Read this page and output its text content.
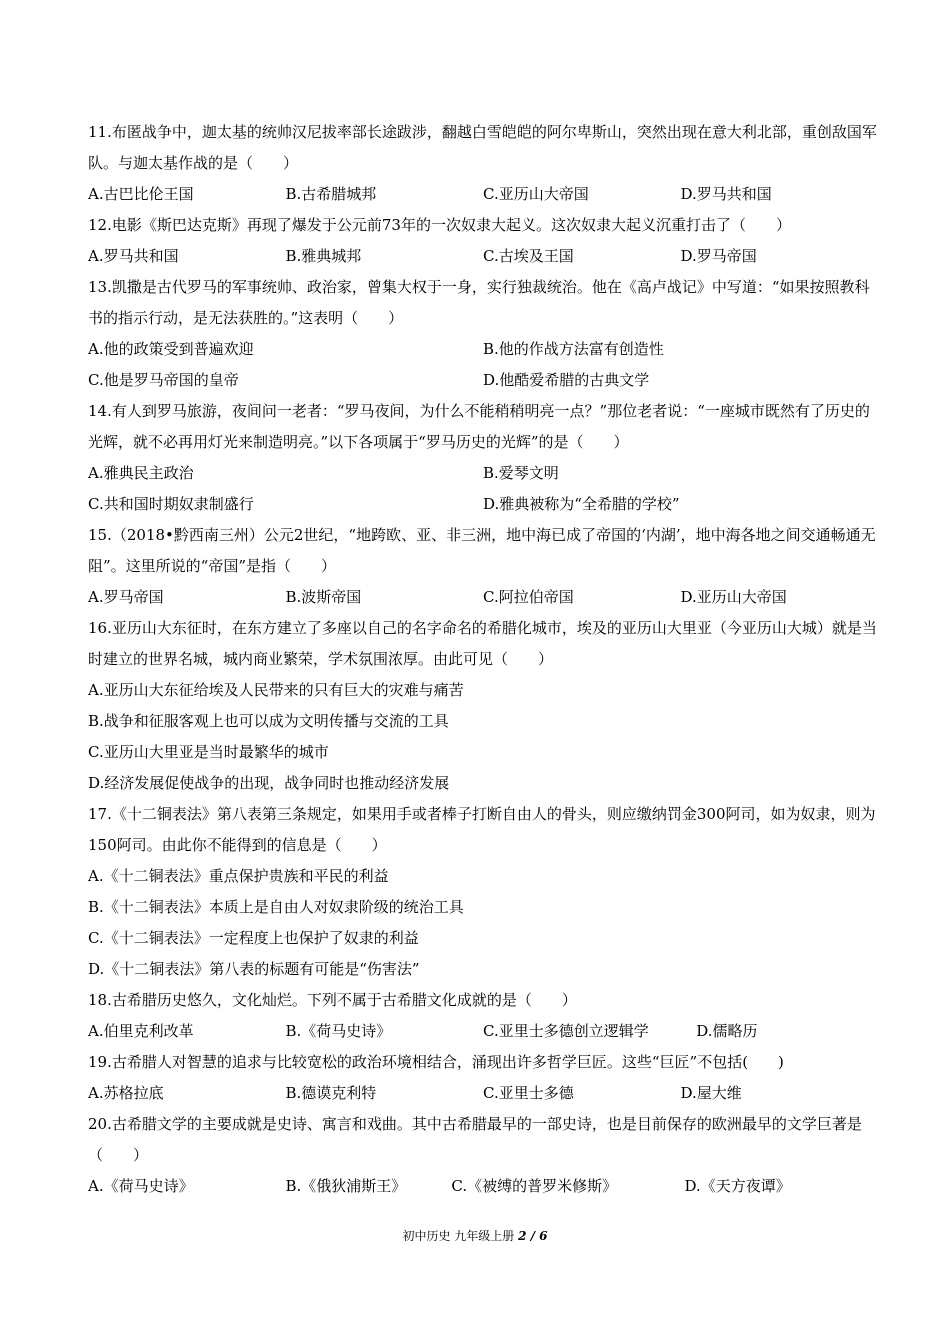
11.布匿战争中，迦太基的统帅汉尼拔率部长途跋涉，翻越白雪皑皑的阿尔卑斯山，突然出现在意大利北部，重创敌国军队。与迦太基作战的是（　　）

A.古巴比伦王国	B.古希腊城邦	C.亚历山大帝国	D.罗马共和国

12.电影《斯巴达克斯》再现了爆发于公元前73年的一次奴隶大起义。这次奴隶大起义沉重打击了（　　）

A.罗马共和国	B.雅典城邦	C.古埃及王国	D.罗马帝国

13.凯撒是古代罗马的军事统帅、政治家，曾集大权于一身，实行独裁统治。他在《高卢战记》中写道：“如果按照教科书的指示行动，是无法获胜的。”这表明（　　）

A.他的政策受到普遍欢迎	B.他的作战方法富有创造性
C.他是罗马帝国的皇帝	D.他酷爱希腊的古典文学

14.有人到罗马旅游，夜间问一老者：“罗马夜间，为什么不能稍稍明亮一点？”那位老者说：“一座城市既然有了历史的光辉，就不必再用灯光来制造明亮。”以下各项属于“罗马历史的光辉”的是（　　）

A.雅典民主政治	B.爱琴文明
C.共和国时期奴隶制盛行	D.雅典被称为“全希腊的学校”

15.（2018•黔西南三州）公元2世纪，“地跨欧、亚、非三洲，地中海已成了帝国的‘内湖’，地中海各地之间交通畅通无阻”。这里所说的“帝国”是指（　　）

A.罗马帝国	B.波斯帝国	C.阿拉伯帝国	D.亚历山大帝国

16.亚历山大东征时，在东方建立了多座以自己的名字命名的希腊化城市，埃及的亚历山大里亚（今亚历山大城）就是当时建立的世界名城，城内商业繁荣，学术氛围浓厚。由此可见（　　）

A.亚历山大东征给埃及人民带来的只有巨大的灾难与痛苦
B.战争和征服客观上也可以成为文明传播与交流的工具
C.亚历山大里亚是当时最繁华的城市
D.经济发展促使战争的出现，战争同时也推动经济发展

17.《十二铜表法》第八表第三条规定，如果用手或者棒子打断自由人的骨头，则应缴纳罚金300阿司，如为奴隶，则为150阿司。由此你不能得到的信息是（　　）

A.《十二铜表法》重点保护贵族和平民的利益
B.《十二铜表法》本质上是自由人对奴隶阶级的统治工具
C.《十二铜表法》一定程度上也保护了奴隶的利益
D.《十二铜表法》第八表的标题有可能是“伤害法”

18.古希腊历史悠久，文化灿烂。下列不属于古希腊文化成就的是（　　）

A.伯里克利改革	B.《荷马史诗》	C.亚里士多德创立逻辑学	D.儒略历

19.古希腊人对智慧的追求与比较宽松的政治环境相结合，涌现出许多哲学巨匠。这些“巨匠”不包括(　　)

A.苏格拉底	B.德谟克利特	C.亚里士多德	D.屋大维

20.古希腊文学的主要成就是史诗、寓言和戏曲。其中古希腊最早的一部史诗，也是目前保存的欧洲最早的文学巨著是（　　）

A.《荷马史诗》	B.《俄狄浦斯王》	C.《被缚的普罗米修斯》	D.《天方夜谭》
初中历史 九年级上册 2 / 6
